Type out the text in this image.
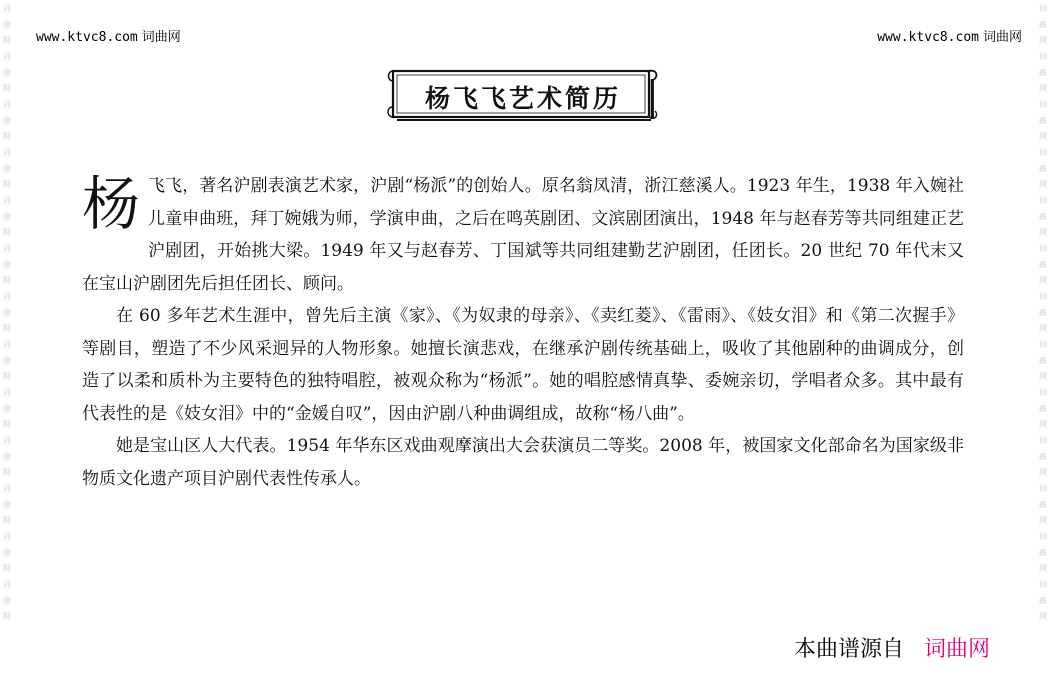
词
曲
网
词
曲
网
词
曲
网
词
曲
网
词
曲
网
词
曲
网
词
曲
网
词
曲
网
词
曲
网
词
曲
网
词
曲
网
词
曲
网
词
曲
网
词
曲
网
词
曲
网
词
曲
网
词
曲
网
词
曲
网
词
曲
网
词
曲
网
词
曲
网
词
曲
网
词
曲
网
词
曲
网
词
曲
网
词
曲
网
www.ktvc8.com 词曲网	www.ktvc8.com 词曲网
杨飞飞艺术简历

杨飞飞，著名沪剧表演艺术家，沪剧“杨派”的创始人。原名翁凤清，浙江慈溪人。1923 年生，1938 年入婉社儿童申曲班，拜丁婉娥为师，学演申曲，之后在鸣英剧团、文滨剧团演出，1948 年与赵春芳等共同组建正艺沪剧团，开始挑大梁。1949 年又与赵春芳、丁国斌等共同组建勤艺沪剧团，任团长。20 世纪 70 年代末又在宝山沪剧团先后担任团长、顾问。

在 60 多年艺术生涯中，曾先后主演《家》、《为奴隶的母亲》、《卖红菱》、《雷雨》、《妓女泪》和《第二次握手》等剧目，塑造了不少风采迥异的人物形象。她擅长演悲戏，在继承沪剧传统基础上，吸收了其他剧种的曲调成分，创造了以柔和质朴为主要特色的独特唱腔，被观众称为“杨派”。她的唱腔感情真挚、委婉亲切，学唱者众多。其中最有代表性的是《妓女泪》中的“金媛自叹”，因由沪剧八种曲调组成，故称“杨八曲”。

她是宝山区人大代表。1954 年华东区戏曲观摩演出大会获演员二等奖。2008 年，被国家文化部命名为国家级非物质文化遗产项目沪剧代表性传承人。

本曲谱源自 词曲网
